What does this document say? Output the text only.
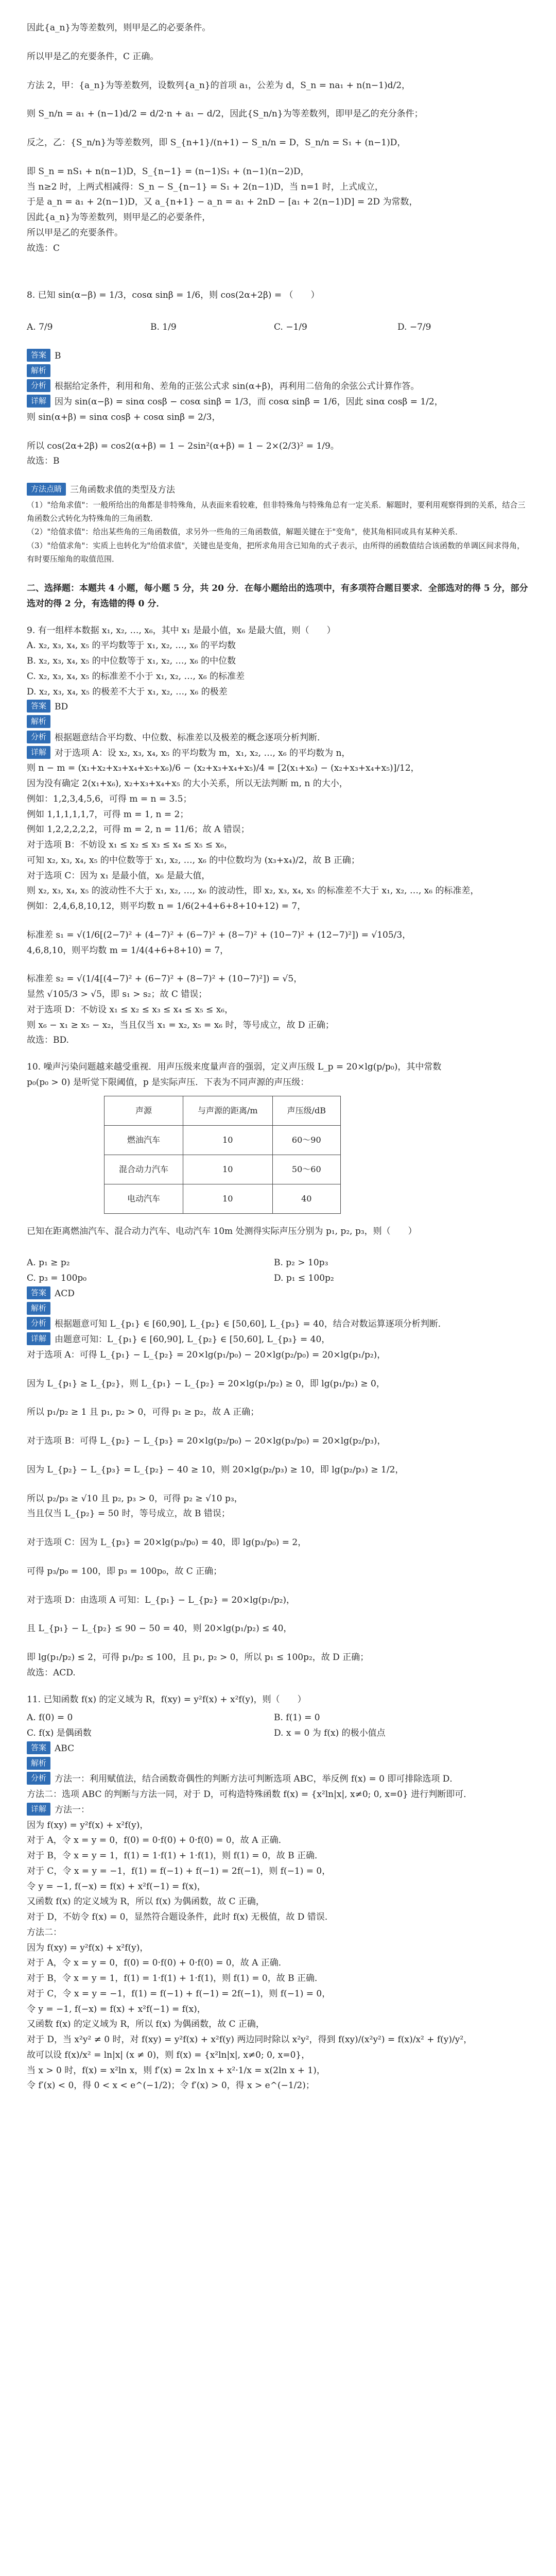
因此{a_n}为等差数列，则甲是乙的必要条件。
所以甲是乙的充要条件，C 正确。
方法 2，甲：{a_n}为等差数列，设数列{a_n}的首项 a₁，公差为 d，S_n = na₁ + n(n−1)d/2，
则 S_n/n = a₁ + (n−1)d/2 = d/2·n + a₁ − d/2，因此{S_n/n}为等差数列，即甲是乙的充分条件；
反之，乙：{S_n/n}为等差数列，即 S_{n+1}/(n+1) − S_n/n = D，S_n/n = S₁ + (n−1)D，
即 S_n = nS₁ + n(n−1)D，S_{n−1} = (n−1)S₁ + (n−1)(n−2)D，
当 n≥2 时，上两式相减得：S_n − S_{n−1} = S₁ + 2(n−1)D，当 n=1 时，上式成立，
于是 a_n = a₁ + 2(n−1)D，又 a_{n+1} − a_n = a₁ + 2nD − [a₁ + 2(n−1)D] = 2D 为常数，
因此{a_n}为等差数列，则甲是乙的必要条件，
所以甲是乙的充要条件。
故选：C
8. 已知 sin(α−β) = 1/3，cosα sinβ = 1/6，则 cos(2α+2β) = （　　）
A. 7/9	B. 1/9	C. −1/9	D. −7/9
答案 B
解析
分析 根据给定条件，利用和角、差角的正弦公式求 sin(α+β)，再利用二倍角的余弦公式计算作答。
详解 因为 sin(α−β) = sinα cosβ − cosα sinβ = 1/3，而 cosα sinβ = 1/6，因此 sinα cosβ = 1/2，
则 sin(α+β) = sinα cosβ + cosα sinβ = 2/3，
所以 cos(2α+2β) = cos2(α+β) = 1 − 2sin²(α+β) = 1 − 2×(2/3)² = 1/9。
故选：B
方法点睛 三角函数求值的类型及方法
（1）"给角求值"：一般所给出的角都是非特殊角，从表面来看较难，但非特殊角与特殊角总有一定关系．解题时，要利用观察得到的关系，结合三角函数公式转化为特殊角的三角函数．
（2）"给值求值"：给出某些角的三角函数值，求另外一些角的三角函数值，解题关键在于"变角"，使其角相同或具有某种关系．
（3）"给值求角"：实质上也转化为"给值求值"，关键也是变角，把所求角用含已知角的式子表示，由所得的函数值结合该函数的单调区间求得角，有时要压缩角的取值范围．
二、选择题：本题共 4 小题，每小题 5 分，共 20 分．在每小题给出的选项中，有多项符合题目要求．全部选对的得 5 分，部分选对的得 2 分，有选错的得 0 分．
9. 有一组样本数据 x₁, x₂, …, x₆，其中 x₁ 是最小值，x₆ 是最大值，则（　　）
A. x₂, x₃, x₄, x₅ 的平均数等于 x₁, x₂, …, x₆ 的平均数
B. x₂, x₃, x₄, x₅ 的中位数等于 x₁, x₂, …, x₆ 的中位数
C. x₂, x₃, x₄, x₅ 的标准差不小于 x₁, x₂, …, x₆ 的标准差
D. x₂, x₃, x₄, x₅ 的极差不大于 x₁, x₂, …, x₆ 的极差
答案 BD
解析
分析 根据题意结合平均数、中位数、标准差以及极差的概念逐项分析判断．
详解 对于选项 A：设 x₂, x₃, x₄, x₅ 的平均数为 m，x₁, x₂, …, x₆ 的平均数为 n，
则 n − m = (x₁+x₂+x₃+x₄+x₅+x₆)/6 − (x₂+x₃+x₄+x₅)/4 = [2(x₁+x₆) − (x₂+x₃+x₄+x₅)]/12，
因为没有确定 2(x₁+x₆), x₂+x₃+x₄+x₅ 的大小关系，所以无法判断 m, n 的大小，
例如：1,2,3,4,5,6，可得 m = n = 3.5；
例如 1,1,1,1,1,7，可得 m = 1, n = 2；
例如 1,2,2,2,2,2，可得 m = 2, n = 11/6；故 A 错误；
对于选项 B：不妨设 x₁ ≤ x₂ ≤ x₃ ≤ x₄ ≤ x₅ ≤ x₆，
可知 x₂, x₃, x₄, x₅ 的中位数等于 x₁, x₂, …, x₆ 的中位数均为 (x₃+x₄)/2，故 B 正确；
对于选项 C：因为 x₁ 是最小值，x₆ 是最大值，
则 x₂, x₃, x₄, x₅ 的波动性不大于 x₁, x₂, …, x₆ 的波动性，即 x₂, x₃, x₄, x₅ 的标准差不大于 x₁, x₂, …, x₆ 的标准差，
例如：2,4,6,8,10,12，则平均数 n = 1/6(2+4+6+8+10+12) = 7，
标准差 s₁ = √(1/6[(2−7)² + (4−7)² + (6−7)² + (8−7)² + (10−7)² + (12−7)²]) = √105/3，
4,6,8,10，则平均数 m = 1/4(4+6+8+10) = 7，
标准差 s₂ = √(1/4[(4−7)² + (6−7)² + (8−7)² + (10−7)²]) = √5，
显然 √105/3 > √5，即 s₁ > s₂；故 C 错误；
对于选项 D：不妨设 x₁ ≤ x₂ ≤ x₃ ≤ x₄ ≤ x₅ ≤ x₆，
则 x₆ − x₁ ≥ x₅ − x₂，当且仅当 x₁ = x₂, x₅ = x₆ 时，等号成立，故 D 正确；
故选：BD.
10. 噪声污染问题越来越受重视．用声压级来度量声音的强弱，定义声压级 L_p = 20×lg(p/p₀)，其中常数
p₀(p₀ > 0) 是听觉下限阈值，p 是实际声压．下表为不同声源的声压级：
声源	与声源的距离/m	声压级/dB
燃油汽车	10	60～90
混合动力汽车	10	50～60
电动汽车	10	40
已知在距离燃油汽车、混合动力汽车、电动汽车 10m 处测得实际声压分别为 p₁, p₂, p₃，则（　　）
A. p₁ ≥ p₂	B. p₂ > 10p₃
C. p₃ = 100p₀	D. p₁ ≤ 100p₂
答案 ACD
解析
分析 根据题意可知 L_{p₁} ∈ [60,90], L_{p₂} ∈ [50,60], L_{p₃} = 40，结合对数运算逐项分析判断．
详解 由题意可知：L_{p₁} ∈ [60,90], L_{p₂} ∈ [50,60], L_{p₃} = 40，
对于选项 A：可得 L_{p₁} − L_{p₂} = 20×lg(p₁/p₀) − 20×lg(p₂/p₀) = 20×lg(p₁/p₂)，
因为 L_{p₁} ≥ L_{p₂}，则 L_{p₁} − L_{p₂} = 20×lg(p₁/p₂) ≥ 0，即 lg(p₁/p₂) ≥ 0，
所以 p₁/p₂ ≥ 1 且 p₁, p₂ > 0，可得 p₁ ≥ p₂，故 A 正确；
对于选项 B：可得 L_{p₂} − L_{p₃} = 20×lg(p₂/p₀) − 20×lg(p₃/p₀) = 20×lg(p₂/p₃)，
因为 L_{p₂} − L_{p₃} = L_{p₂} − 40 ≥ 10，则 20×lg(p₂/p₃) ≥ 10，即 lg(p₂/p₃) ≥ 1/2，
所以 p₂/p₃ ≥ √10 且 p₂, p₃ > 0，可得 p₂ ≥ √10 p₃，
当且仅当 L_{p₂} = 50 时，等号成立，故 B 错误；
对于选项 C：因为 L_{p₃} = 20×lg(p₃/p₀) = 40，即 lg(p₃/p₀) = 2，
可得 p₃/p₀ = 100，即 p₃ = 100p₀，故 C 正确；
对于选项 D：由选项 A 可知：L_{p₁} − L_{p₂} = 20×lg(p₁/p₂)，
且 L_{p₁} − L_{p₂} ≤ 90 − 50 = 40，则 20×lg(p₁/p₂) ≤ 40，
即 lg(p₁/p₂) ≤ 2，可得 p₁/p₂ ≤ 100，且 p₁, p₂ > 0，所以 p₁ ≤ 100p₂，故 D 正确；
故选：ACD.
11. 已知函数 f(x) 的定义域为 R，f(xy) = y²f(x) + x²f(y)，则（　　）
A. f(0) = 0	B. f(1) = 0
C. f(x) 是偶函数	D. x = 0 为 f(x) 的极小值点
答案 ABC
解析
分析 方法一：利用赋值法，结合函数奇偶性的判断方法可判断选项 ABC，举反例 f(x) = 0 即可排除选项 D．
方法二：选项 ABC 的判断与方法一同，对于 D，可构造特殊函数 f(x) = {x²ln|x|, x≠0; 0, x=0} 进行判断即可．
详解 方法一：
因为 f(xy) = y²f(x) + x²f(y)，
对于 A，令 x = y = 0，f(0) = 0·f(0) + 0·f(0) = 0，故 A 正确．
对于 B，令 x = y = 1，f(1) = 1·f(1) + 1·f(1)，则 f(1) = 0，故 B 正确．
对于 C，令 x = y = −1，f(1) = f(−1) + f(−1) = 2f(−1)，则 f(−1) = 0，
令 y = −1, f(−x) = f(x) + x²f(−1) = f(x)，
又函数 f(x) 的定义域为 R，所以 f(x) 为偶函数，故 C 正确，
对于 D，不妨令 f(x) = 0，显然符合题设条件，此时 f(x) 无极值，故 D 错误．
方法二：
因为 f(xy) = y²f(x) + x²f(y)，
对于 A，令 x = y = 0，f(0) = 0·f(0) + 0·f(0) = 0，故 A 正确．
对于 B，令 x = y = 1，f(1) = 1·f(1) + 1·f(1)，则 f(1) = 0，故 B 正确．
对于 C，令 x = y = −1，f(1) = f(−1) + f(−1) = 2f(−1)，则 f(−1) = 0，
令 y = −1, f(−x) = f(x) + x²f(−1) = f(x)，
又函数 f(x) 的定义域为 R，所以 f(x) 为偶函数，故 C 正确，
对于 D，当 x²y² ≠ 0 时，对 f(xy) = y²f(x) + x²f(y) 两边同时除以 x²y²，得到 f(xy)/(x²y²) = f(x)/x² + f(y)/y²，
故可以设 f(x)/x² = ln|x| (x ≠ 0)，则 f(x) = {x²ln|x|, x≠0; 0, x=0}，
当 x > 0 时，f(x) = x²ln x，则 f′(x) = 2x ln x + x²·1/x = x(2ln x + 1)，
令 f′(x) < 0，得 0 < x < e^(−1/2)；令 f′(x) > 0，得 x > e^(−1/2)；
